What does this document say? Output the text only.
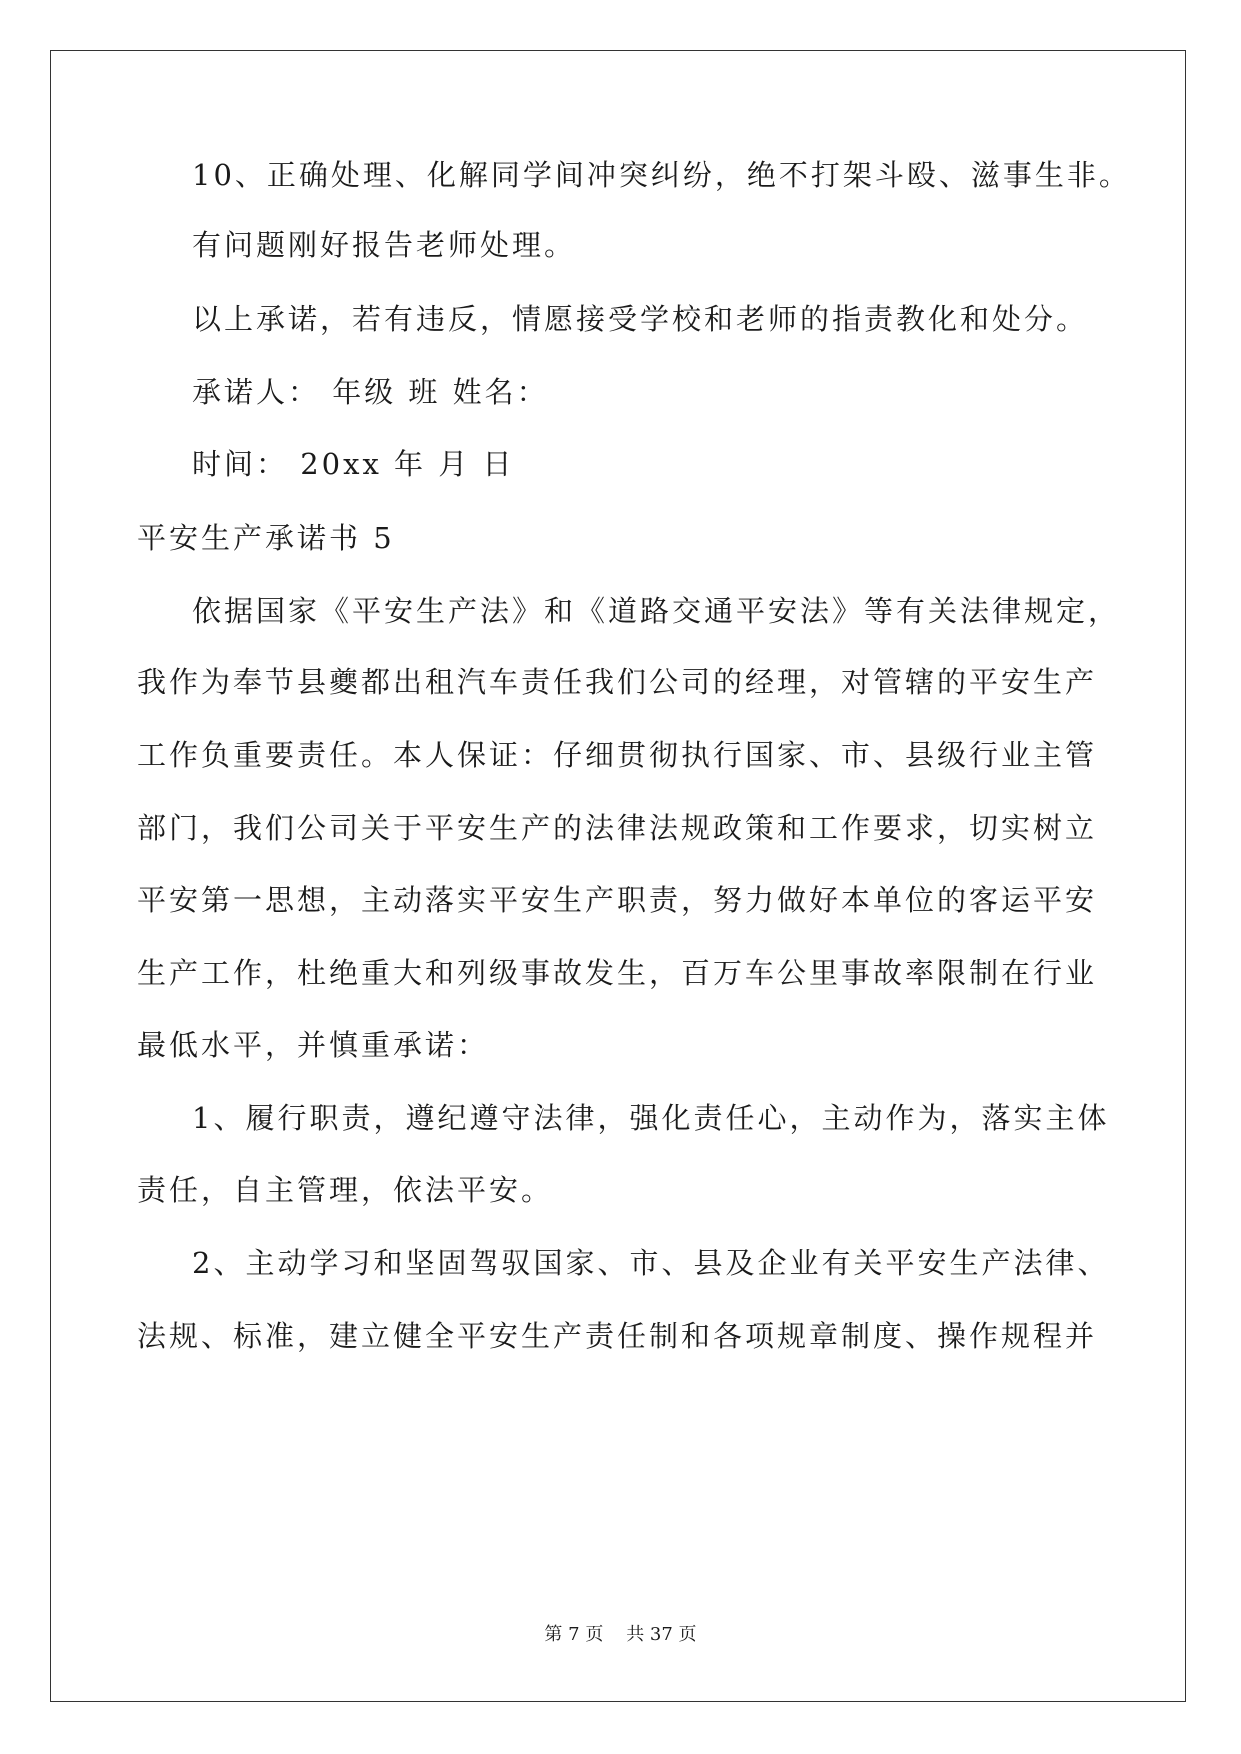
10、正确处理、化解同学间冲突纠纷，绝不打架斗殴、滋事生非。
有问题刚好报告老师处理。
以上承诺，若有违反，情愿接受学校和老师的指责教化和处分。
承诺人： 年级 班 姓名：
时间： 20xx 年 月 日
平安生产承诺书 5
依据国家《平安生产法》和《道路交通平安法》等有关法律规定，
我作为奉节县夔都出租汽车责任我们公司的经理，对管辖的平安生产
工作负重要责任。本人保证：仔细贯彻执行国家、市、县级行业主管
部门，我们公司关于平安生产的法律法规政策和工作要求，切实树立
平安第一思想，主动落实平安生产职责，努力做好本单位的客运平安
生产工作，杜绝重大和列级事故发生，百万车公里事故率限制在行业
最低水平，并慎重承诺：
1、履行职责，遵纪遵守法律，强化责任心，主动作为，落实主体
责任，自主管理，依法平安。
2、主动学习和坚固驾驭国家、市、县及企业有关平安生产法律、
法规、标准，建立健全平安生产责任制和各项规章制度、操作规程并
第 7 页    共 37 页
